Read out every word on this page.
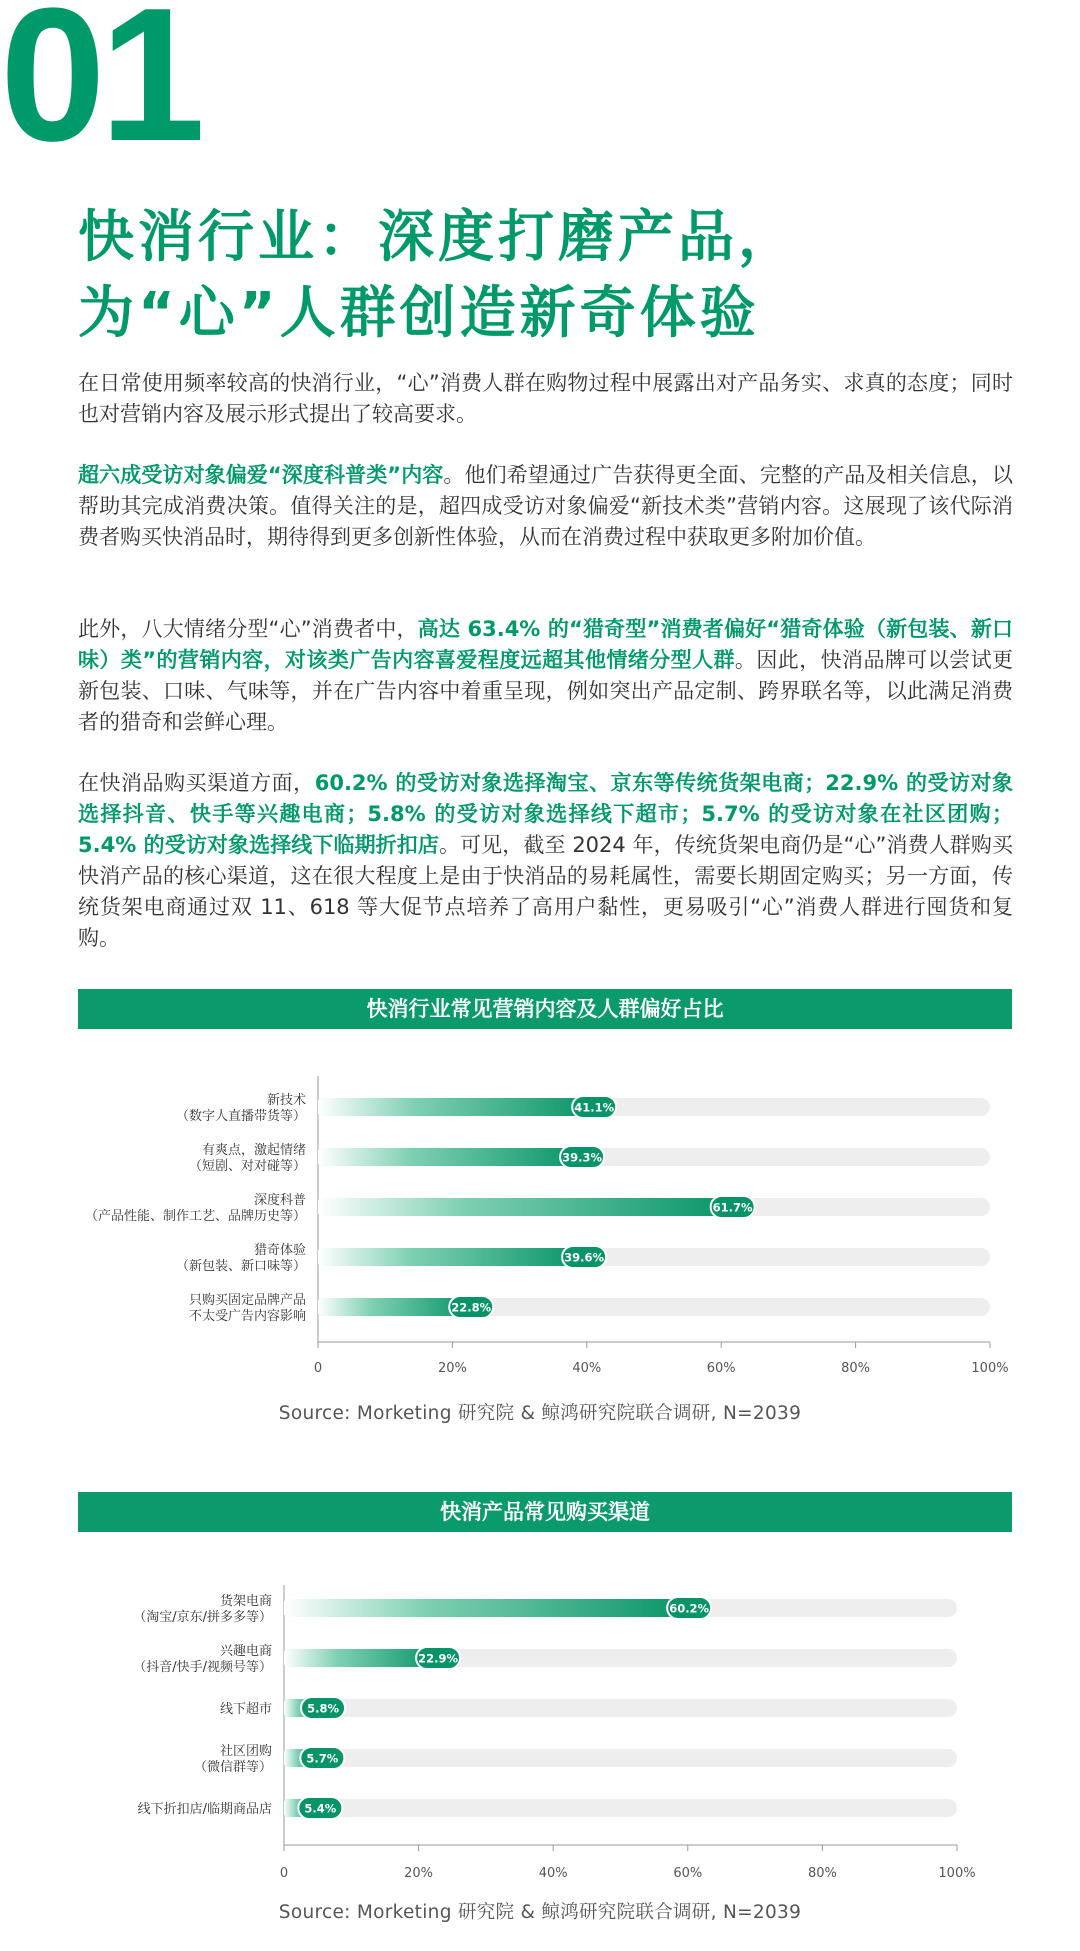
01
快消行业：深度打磨产品，
为“心”人群创造新奇体验

在日常使用频率较高的快消行业，“心”消费人群在购物过程中展露出对产品务实、求真的态度；同时也对营销内容及展示形式提出了较高要求。

超六成受访对象偏爱“深度科普类”内容。他们希望通过广告获得更全面、完整的产品及相关信息，以帮助其完成消费决策。值得关注的是，超四成受访对象偏爱“新技术类”营销内容。这展现了该代际消费者购买快消品时，期待得到更多创新性体验，从而在消费过程中获取更多附加价值。

此外，八大情绪分型“心”消费者中，高达 63.4% 的“猎奇型”消费者偏好“猎奇体验（新包装、新口味）类”的营销内容，对该类广告内容喜爱程度远超其他情绪分型人群。因此，快消品牌可以尝试更新包装、口味、气味等，并在广告内容中着重呈现，例如突出产品定制、跨界联名等，以此满足消费者的猎奇和尝鲜心理。

在快消品购买渠道方面，60.2% 的受访对象选择淘宝、京东等传统货架电商；22.9% 的受访对象选择抖音、快手等兴趣电商；5.8% 的受访对象选择线下超市；5.7% 的受访对象在社区团购；5.4% 的受访对象选择线下临期折扣店。可见，截至 2024 年，传统货架电商仍是“心”消费人群购买快消产品的核心渠道，这在很大程度上是由于快消品的易耗属性，需要长期固定购买；另一方面，传统货架电商通过双 11、618 等大促节点培养了高用户黏性，更易吸引“心”消费人群进行囤货和复购。

快消行业常见营销内容及人群偏好占比
0	20%	40%	60%	80%	100%
41.1%
新技术（数字人直播带货等）
39.3%
有爽点，激起情绪（短剧、对对碰等）
61.7%
深度科普（产品性能、制作工艺、品牌历史等）
39.6%
猎奇体验（新包装、新口味等）
22.8%
只购买固定品牌产品不太受广告内容影响
Source: Morketing 研究院 & 鲸鸿研究院联合调研, N=2039
快消产品常见购买渠道
0	20%	40%	60%	80%	100%
60.2%
货架电商（淘宝/京东/拼多多等）
22.9%
兴趣电商（抖音/快手/视频号等）
5.8%
线下超市
5.7%
社区团购（微信群等）
5.4%
线下折扣店/临期商品店
Source: Morketing 研究院 & 鲸鸿研究院联合调研, N=2039
